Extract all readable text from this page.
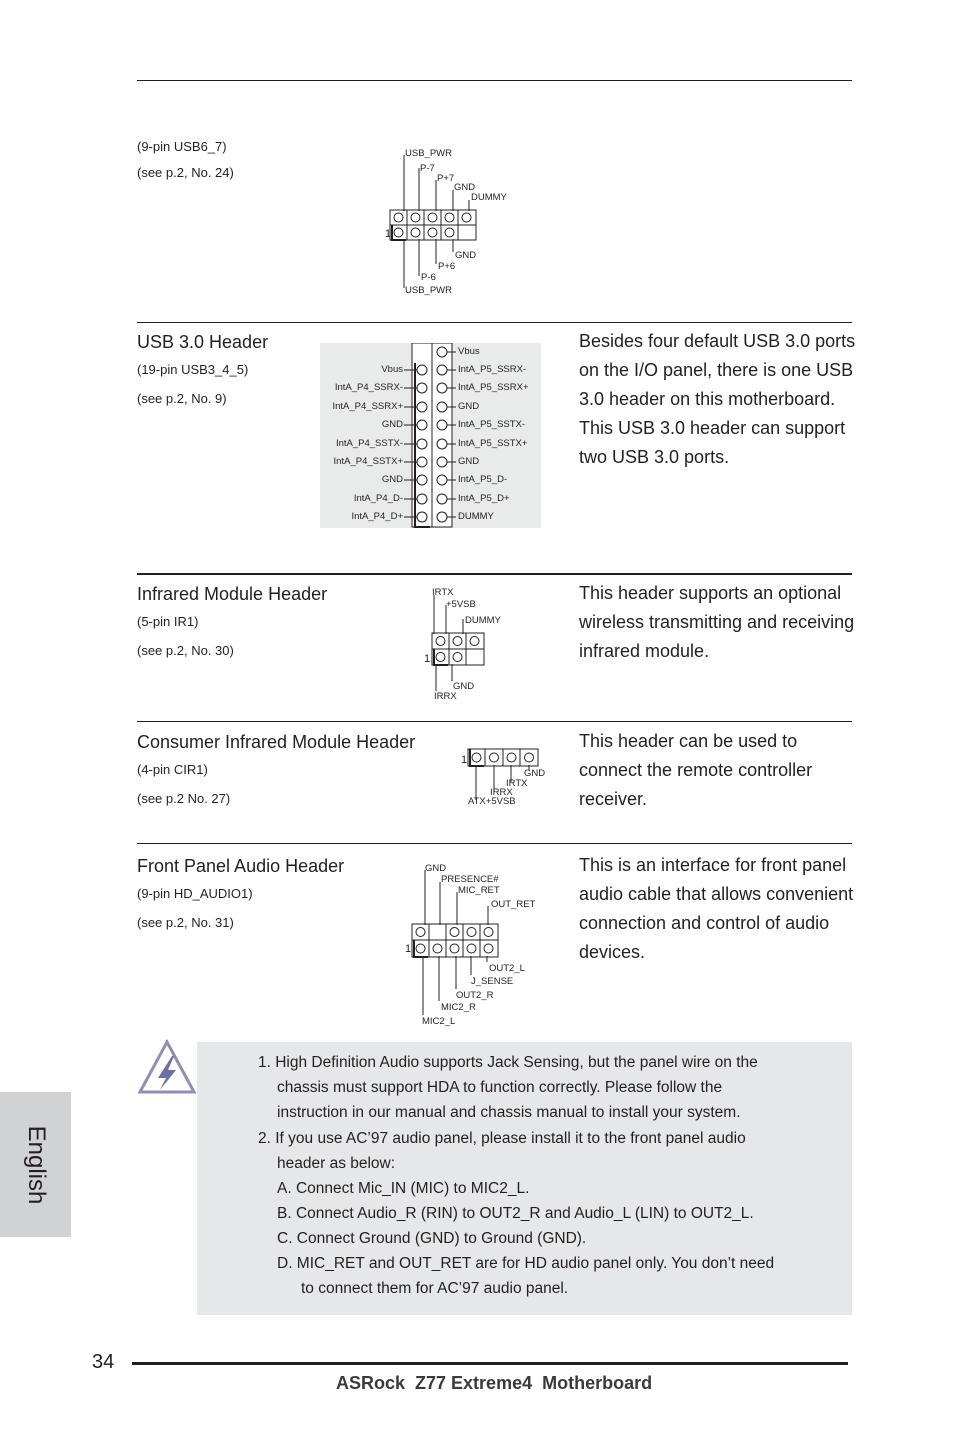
(9-pin USB6_7)
(see p.2, No. 24)
USB_PWR
P-7
P+7
GND
DUMMY
GND
P+6
P-6
USB_PWR
1
USB 3.0 Header
(19-pin USB3_4_5)
(see p.2, No. 9)
Vbus
IntA_P4_SSRX-
IntA_P4_SSRX+
GND
IntA_P4_SSTX-
IntA_P4_SSTX+
GND
IntA_P4_D-
IntA_P4_D+
Vbus
IntA_P5_SSRX-
IntA_P5_SSRX+
GND
IntA_P5_SSTX-
IntA_P5_SSTX+
GND
IntA_P5_D-
IntA_P5_D+
DUMMY
Besides four default USB 3.0 ports on the I/O panel, there is one USB 3.0 header on this motherboard. This USB 3.0 header can support two USB 3.0 ports.
Infrared Module Header
(5-pin IR1)
(see p.2, No. 30)
IRTX
+5VSB
DUMMY
GND
IRRX
1
This header supports an optional wireless transmitting and receiving infrared module.
Consumer Infrared Module Header
(4-pin CIR1)
(see p.2 No. 27)
GND
IRTX
IRRX
ATX+5VSB
1
This header can be used to connect the remote controller receiver.
Front Panel Audio Header
(9-pin HD_AUDIO1)
(see p.2, No. 31)
GND
PRESENCE#
MIC_RET
OUT_RET
OUT2_L
J_SENSE
OUT2_R
MIC2_R
MIC2_L
1
This is an interface for front panel audio cable that allows convenient connection and control of audio devices.
1. High Definition Audio supports Jack Sensing, but the panel wire on the
chassis must support HDA to function correctly. Please follow the
instruction in our manual and chassis manual to install your system.
2. If you use AC’97 audio panel, please install it to the front panel audio
header as below:
A. Connect Mic_IN (MIC) to MIC2_L.
B. Connect Audio_R (RIN) to OUT2_R and Audio_L (LIN) to OUT2_L.
C. Connect Ground (GND) to Ground (GND).
D. MIC_RET and OUT_RET are for HD audio panel only. You don’t need
to connect them for AC’97 audio panel.
English
34
ASRock  Z77 Extreme4  Motherboard
